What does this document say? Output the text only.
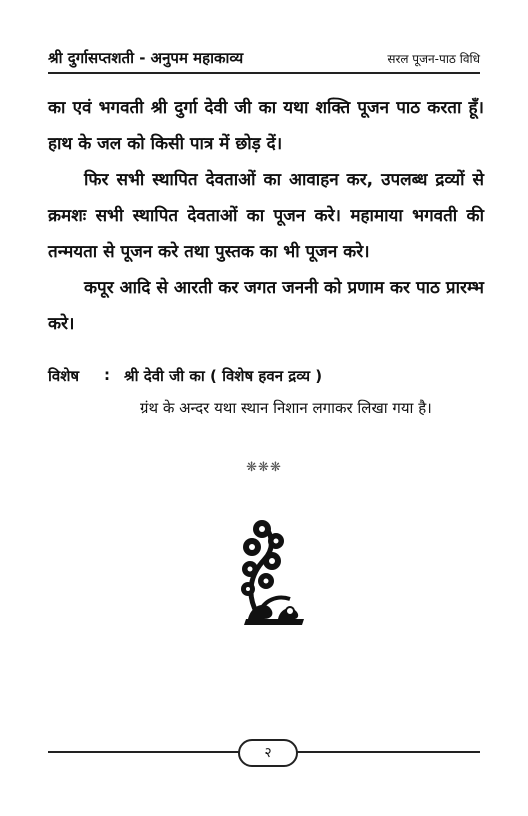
श्री दुर्गासप्तशती - अनुपम महाकाव्य	सरल पूजन-पाठ विधि
का एवं भगवती श्री दुर्गा देवी जी का यथा शक्ति पूजन पाठ करता हूँ। हाथ के जल को किसी पात्र में छोड़ दें।
फिर सभी स्थापित देवताओं का आवाहन कर, उपलब्ध द्रव्यों से क्रमशः सभी स्थापित देवताओं का पूजन करे। महामाया भगवती की तन्मयता से पूजन करे तथा पुस्तक का भी पूजन करे।
कपूर आदि से आरती कर जगत जननी को प्रणाम कर पाठ प्रारम्भ करे।
विशेष : श्री देवी जी का ( विशेष हवन द्रव्य )
ग्रंथ के अन्दर यथा स्थान निशान लगाकर लिखा गया है।
❋❋❋
२
